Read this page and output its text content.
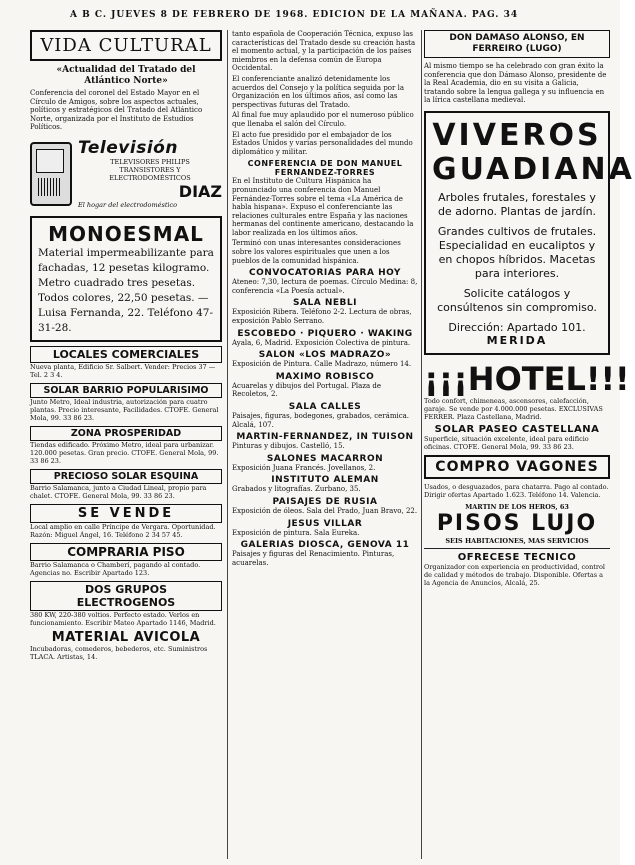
A B C. JUEVES 8 DE FEBRERO DE 1968. EDICION DE LA MAÑANA. PAG. 34
VIDA CULTURAL
«Actualidad del Tratado del Atlántico Norte»

Conferencia del coronel del Estado Mayor en el Círculo de Amigos, sobre los aspectos actuales, políticos y estratégicos del Tratado del Atlántico Norte, organizada por el Instituto de Estudios Políticos.

Televisión
TELEVISORES PHILIPS
TRANSISTORES Y ELECTRODOMÉSTICOS
DIAZ
El hogar del electrodoméstico
MONOESMAL

Material impermeabilizante para fachadas, 12 pesetas kilogramo. Metro cuadrado tres pesetas. Todos colores, 22,50 pesetas. — Luisa Fernanda, 22. Teléfono 47-31-28.

LOCALES COMERCIALES

Nueva planta, Edificio Sr. Salbert. Vender: Precios 37 — Tel. 2 3 4.

SOLAR BARRIO POPULARISIMO

Junto Metro, Ideal industria, autorización para cuatro plantas. Precio interesante, Facilidades. CTOFE. General Mola, 99. 33 86 23.

ZONA PROSPERIDAD

Tiendas edificado. Próximo Metro, ideal para urbanizar. 120.000 pesetas. Gran precio. CTOFE. General Mola, 99. 33 86 23.

PRECIOSO SOLAR ESQUINA

Barrio Salamanca, junto a Ciudad Lineal, propio para chalet. CTOFE. General Mola, 99. 33 86 23.

SE VENDE

Local amplio en calle Príncipe de Vergara. Oportunidad. Razón: Miguel Ángel, 16. Teléfono 2 34 57 45.

COMPRARIA PISO

Barrio Salamanca o Chamberí, pagando al contado. Agencias no. Escribir Apartado 123.

DOS GRUPOS ELECTROGENOS

380 KW, 220-380 voltios. Perfecto estado. Verlos en funcionamiento. Escribir Mateo Apartado 1146, Madrid.

MATERIAL AVICOLA

Incubadoras, comederos, bebederos, etc. Suministros TLACA. Artistas, 14.

tanto española de Cooperación Técnica, expuso las características del Tratado desde su creación hasta el momento actual, y la participación de los países miembros en la defensa común de Europa Occidental.

El conferenciante analizó detenidamente los acuerdos del Consejo y la política seguida por la Organización en los últimos años, así como las perspectivas futuras del Tratado.

Al final fue muy aplaudido por el numeroso público que llenaba el salón del Círculo.

El acto fue presidido por el embajador de los Estados Unidos y varias personalidades del mundo diplomático y militar.

CONFERENCIA DE DON MANUEL FERNANDEZ-TORRES

En el Instituto de Cultura Hispánica ha pronunciado una conferencia don Manuel Fernández-Torres sobre el tema «La América de habla hispana». Expuso el conferenciante las relaciones culturales entre España y las naciones hermanas del continente americano, destacando la labor realizada en los últimos años.

Terminó con unas interesantes consideraciones sobre los valores espirituales que unen a los pueblos de la comunidad hispánica.

CONVOCATORIAS PARA HOY

Ateneo: 7,30, lectura de poemas. Círculo Medina: 8, conferencia «La Poesía actual».

SALA NEBLI

Exposición Ribera. Teléfono 2-2. Lectura de obras, exposición Pablo Serrano.

ESCOBEDO · PIQUERO · WAKING

Ayala, 6, Madrid. Exposición Colectiva de pintura.

SALON «LOS MADRAZO»

Exposición de Pintura. Calle Madrazo, número 14.

MAXIMO ROBISCO

Acuarelas y dibujos del Portugal. Plaza de Recoletos, 2.

SALA CALLES

Paisajes, figuras, bodegones, grabados, cerámica. Alcalá, 107.

MARTIN-FERNANDEZ, IN TUISON

Pinturas y dibujos. Castelló, 15.

SALONES MACARRON

Exposición Juana Francés. Jovellanos, 2.

INSTITUTO ALEMAN

Grabados y litografías. Zurbano, 35.

PAISAJES DE RUSIA

Exposición de óleos. Sala del Prado, Juan Bravo, 22.

JESUS VILLAR

Exposición de pintura. Sala Eureka.

GALERIAS DIOSCA, GENOVA 11

Paisajes y figuras del Renacimiento. Pinturas, acuarelas.

DON DAMASO ALONSO, EN FERREIRO (LUGO)

Al mismo tiempo se ha celebrado con gran éxito la conferencia que don Dámaso Alonso, presidente de la Real Academia, dio en su visita a Galicia, tratando sobre la lengua gallega y su influencia en la lírica castellana medieval.

VIVEROS
GUADIANA

Arboles frutales, forestales y de adorno. Plantas de jardín.

Grandes cultivos de frutales. Especialidad en eucaliptos y en chopos híbridos. Macetas para interiores.

Solicite catálogos y consúltenos sin compromiso.

Dirección: Apartado 101.

MERIDA

¡¡¡HOTEL!!!

Todo confort, chimeneas, ascensores, calefacción, garaje. Se vende por 4.000.000 pesetas. EXCLUSIVAS FERRER. Plaza Castellana, Madrid.

SOLAR PASEO CASTELLANA

Superficie, situación excelente, ideal para edificio oficinas. CTOFE. General Mola, 99. 33 86 23.

COMPRO VAGONES

Usados, o desguazados, para chatarra. Pago al contado. Dirigir ofertas Apartado 1.623. Teléfono 14. Valencia.

MARTIN DE LOS HEROS, 63
PISOS LUJO
SEIS HABITACIONES, MAS SERVICIOS
OFRECESE TECNICO

Organizador con experiencia en productividad, control de calidad y métodos de trabajo. Disponible. Ofertas a la Agencia de Anuncios, Alcalá, 25.
